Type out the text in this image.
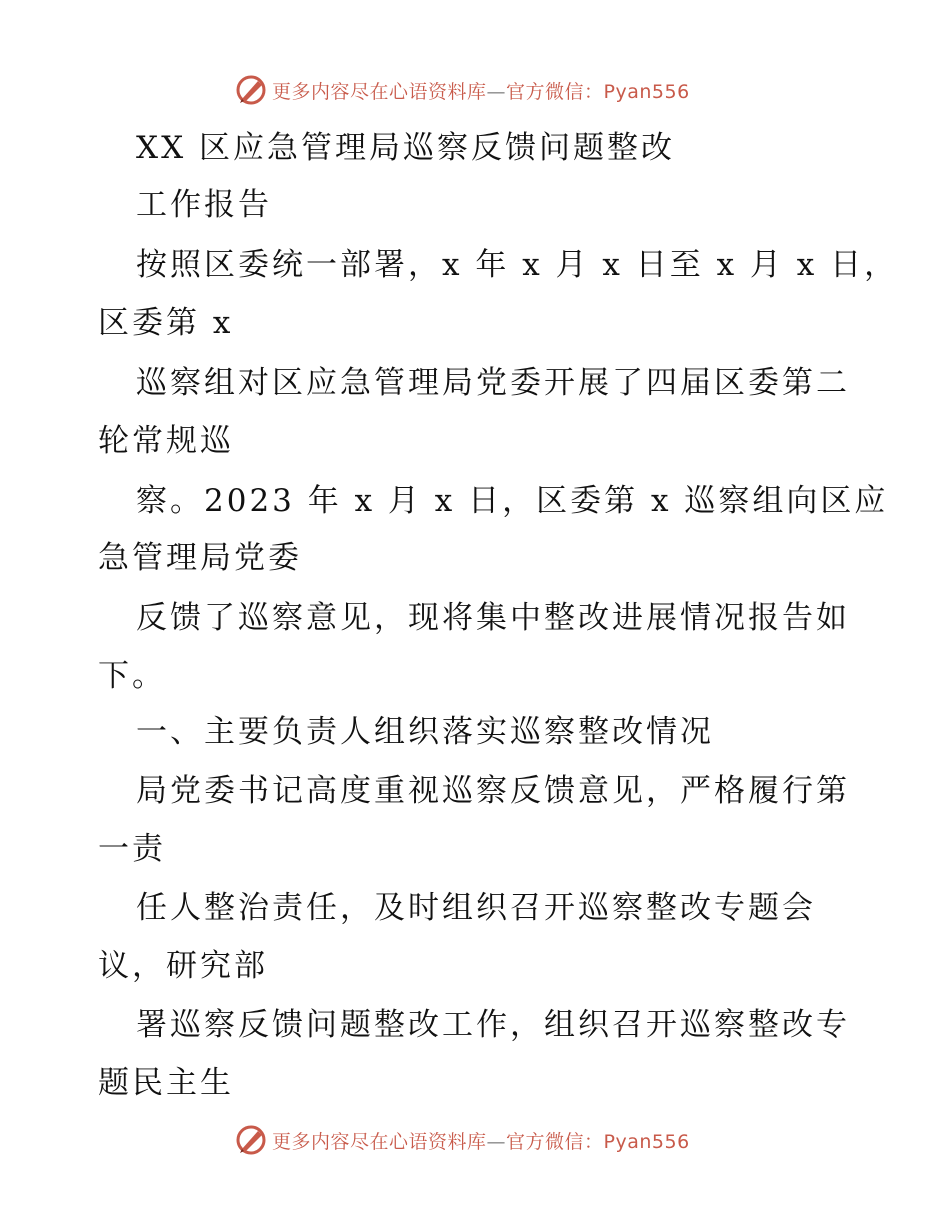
更多内容尽在心语资料库—官方微信：Pyan556
XX 区应急管理局巡察反馈问题整改
工作报告
按照区委统一部署，x 年 x 月 x 日至 x 月 x 日，
区委第 x
巡察组对区应急管理局党委开展了四届区委第二
轮常规巡
察。2023 年 x 月 x 日，区委第 x 巡察组向区应
急管理局党委
反馈了巡察意见，现将集中整改进展情况报告如
下。
一、主要负责人组织落实巡察整改情况
局党委书记高度重视巡察反馈意见，严格履行第
一责
任人整治责任，及时组织召开巡察整改专题会
议，研究部
署巡察反馈问题整改工作，组织召开巡察整改专
题民主生
更多内容尽在心语资料库—官方微信：Pyan556
